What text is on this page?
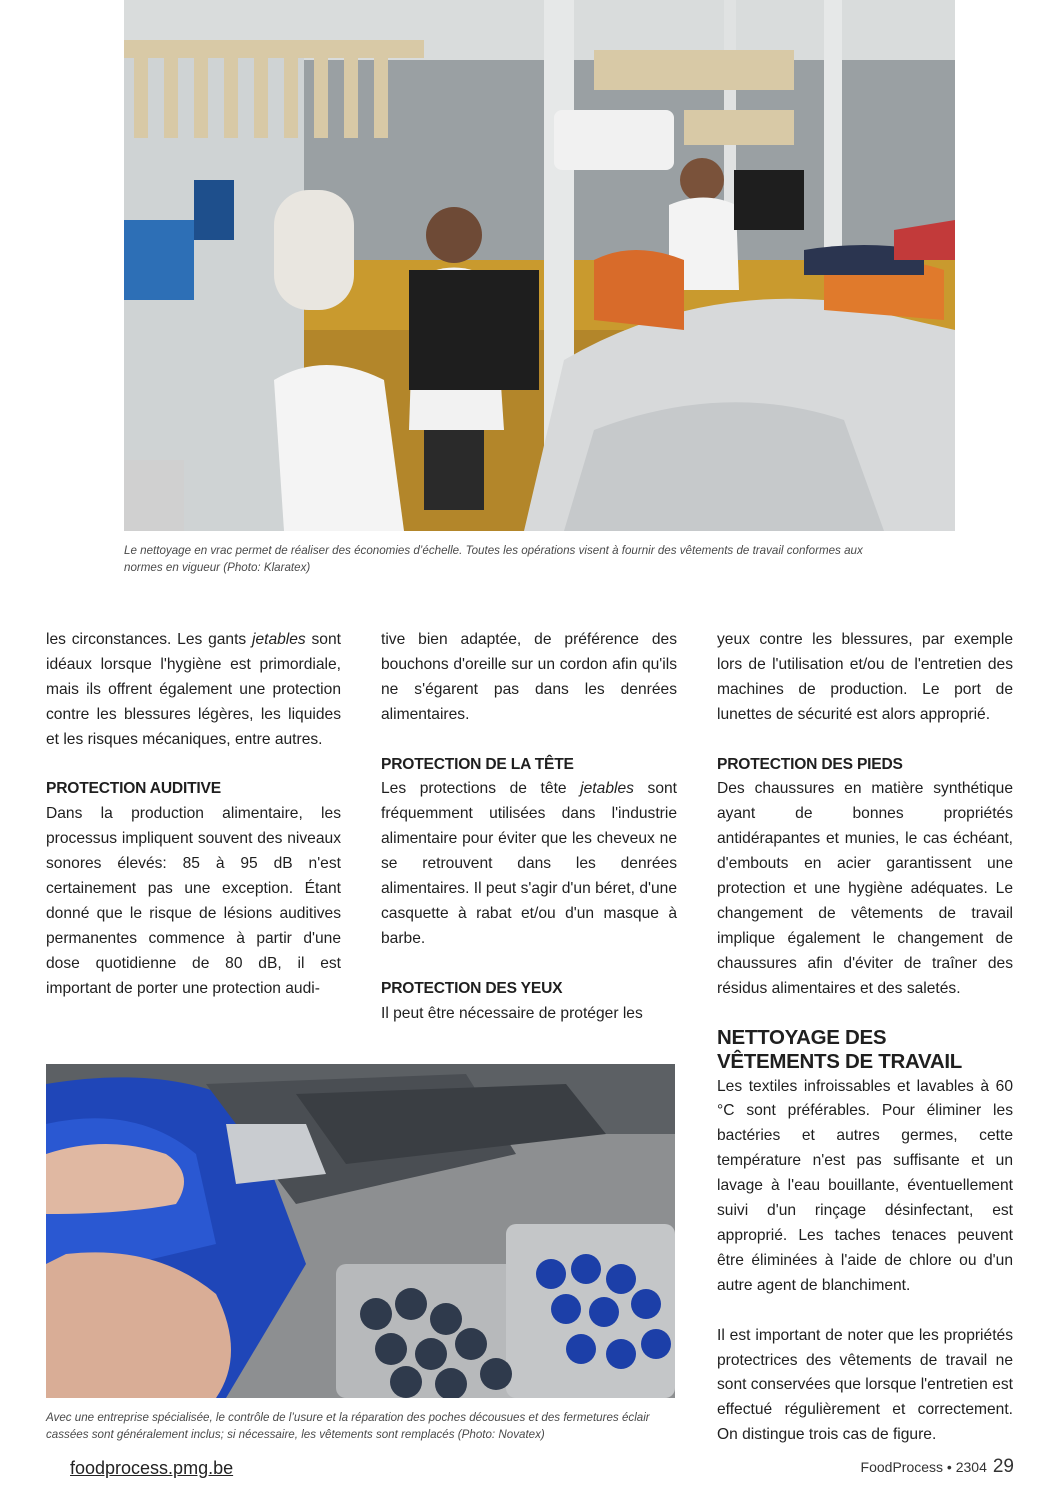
Le nettoyage en vrac permet de réaliser des économies d’échelle. Toutes les opérations visent à fournir des vêtements de travail conformes aux normes en vigueur (Photo: Klaratex)

les circonstances. Les gants jetables sont idéaux lorsque l'hygiène est primordiale, mais ils offrent également une protection contre les blessures légères, les liquides et les risques mécaniques, entre autres.

PROTECTION AUDITIVE

Dans la production alimentaire, les processus impliquent souvent des niveaux sonores élevés: 85 à 95 dB n'est certainement pas une exception. Étant donné que le risque de lésions auditives permanentes commence à partir d'une dose quotidienne de 80 dB, il est important de porter une protection audi-

tive bien adaptée, de préférence des bouchons d'oreille sur un cordon afin qu'ils ne s'égarent pas dans les denrées alimentaires.

PROTECTION DE LA TÊTE

Les protections de tête jetables sont fréquemment utilisées dans l'industrie alimentaire pour éviter que les cheveux ne se retrouvent dans les denrées alimentaires. Il peut s'agir d'un béret, d'une casquette à rabat et/ou d'un masque à barbe.

PROTECTION DES YEUX

Il peut être nécessaire de protéger les

yeux contre les blessures, par exemple lors de l'utilisation et/ou de l'entretien des machines de production. Le port de lunettes de sécurité est alors approprié.

PROTECTION DES PIEDS

Des chaussures en matière synthétique ayant de bonnes propriétés antidérapantes et munies, le cas échéant, d'embouts en acier garantissent une protection et une hygiène adéquates. Le changement de vêtements de travail implique également le changement de chaussures afin d'éviter de traîner des résidus alimentaires et des saletés.

NETTOYAGE DES
VÊTEMENTS DE TRAVAIL

Les textiles infroissables et lavables à 60 °C sont préférables. Pour éliminer les bactéries et autres germes, cette température n'est pas suffisante et un lavage à l'eau bouillante, éventuellement suivi d'un rinçage désinfectant, est approprié. Les taches tenaces peuvent être éliminées à l'aide de chlore ou d'un autre agent de blanchiment.

Il est important de noter que les propriétés protectrices des vêtements de travail ne sont conservées que lorsque l'entretien est effectué régulièrement et correctement. On distingue trois cas de figure.

Avec une entreprise spécialisée, le contrôle de l’usure et la réparation des poches décousues et des fermetures éclair cassées sont généralement inclus; si nécessaire, les vêtements sont remplacés (Photo: Novatex)
foodprocess.pmg.be	FoodProcess • 2304 29
